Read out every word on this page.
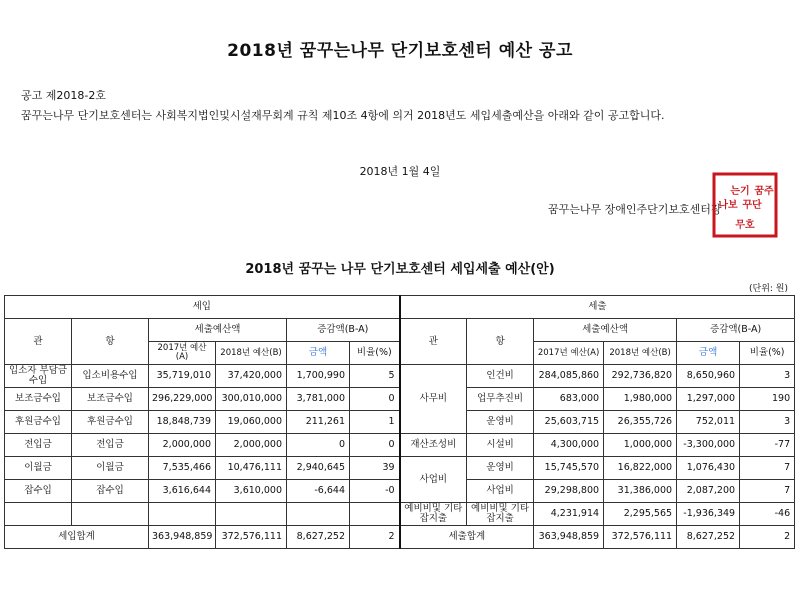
2018년 꿈꾸는나무 단기보호센터 예산 공고
공고 제2018-2호
꿈꾸는나무 단기보호센터는 사회복지법인및시설재무회계 규칙 제10조 4항에 의거 2018년도 세입세출예산을 아래와 같이 공고합니다.
2018년 1월 4일
꿈꾸는나무 장애인주단기보호센터장
꿈주
꾸단
는기
나보
무호
2018년 꿈꾸는 나무 단기보호센터 세입세출 예산(안)
(단위: 원)
세입						세출					
관	항	세출예산액		증감액(B-A)		관	항	세출예산액		증감액(B-A)	
		2017년 예산(A)	2018년 예산(B)	금액	비율(%)			2017년 예산(A)	2018년 예산(B)	금액	비율(%)
입소자 부담금수입	입소비용수입	35,719,010	37,420,000	1,700,990	5	사무비	인건비	284,085,860	292,736,820	8,650,960	3
보조금수입	보조금수입	296,229,000	300,010,000	3,781,000	0		업무추진비	683,000	1,980,000	1,297,000	190
후원금수입	후원금수입	18,848,739	19,060,000	211,261	1		운영비	25,603,715	26,355,726	752,011	3
전입금	전입금	2,000,000	2,000,000	0	0	재산조성비	시설비	4,300,000	1,000,000	-3,300,000	-77
이월금	이월금	7,535,466	10,476,111	2,940,645	39	사업비	운영비	15,745,570	16,822,000	1,076,430	7
잡수입	잡수입	3,616,644	3,610,000	-6,644	-0		사업비	29,298,800	31,386,000	2,087,200	7
						예비비및 기타잡지출	예비비및 기타잡지출	4,231,914	2,295,565	-1,936,349	-46
세입합계		363,948,859	372,576,111	8,627,252	2	세출합계		363,948,859	372,576,111	8,627,252	2
